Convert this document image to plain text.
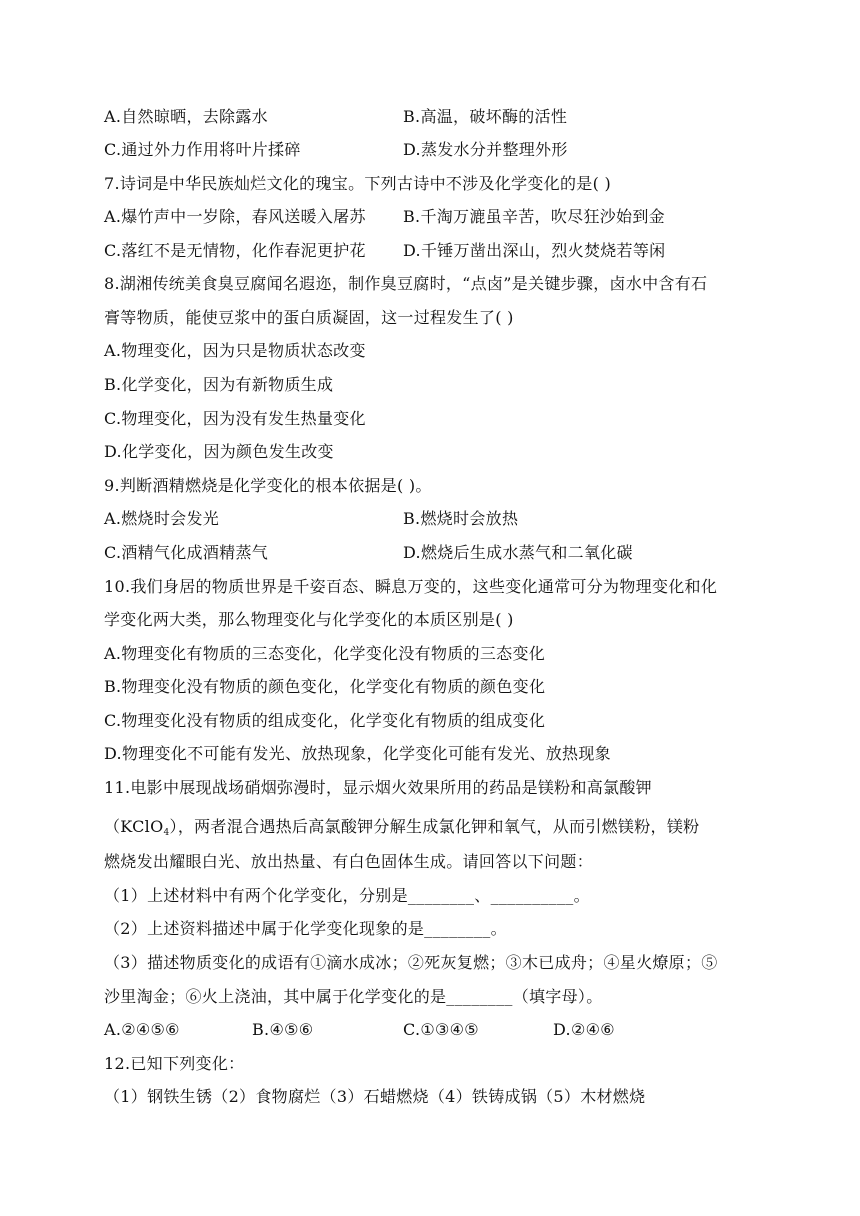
A.自然晾晒，去除露水	B.高温，破坏酶的活性
C.通过外力作用将叶片揉碎	D.蒸发水分并整理外形
7.诗词是中华民族灿烂文化的瑰宝。下列古诗中不涉及化学变化的是( )
A.爆竹声中一岁除，春风送暖入屠苏 B.千淘万漉虽辛苦，吹尽狂沙始到金
C.落红不是无情物，化作春泥更护花 D.千锤万凿出深山，烈火焚烧若等闲
8.湖湘传统美食臭豆腐闻名遐迩，制作臭豆腐时，“点卤”是关键步骤，卤水中含有石
膏等物质，能使豆浆中的蛋白质凝固，这一过程发生了( )
A.物理变化，因为只是物质状态改变
B.化学变化，因为有新物质生成
C.物理变化，因为没有发生热量变化
D.化学变化，因为颜色发生改变
9.判断酒精燃烧是化学变化的根本依据是( )。
A.燃烧时会发光	B.燃烧时会放热
C.酒精气化成酒精蒸气	D.燃烧后生成水蒸气和二氧化碳
10.我们身居的物质世界是千姿百态、瞬息万变的，这些变化通常可分为物理变化和化
学变化两大类，那么物理变化与化学变化的本质区别是( )
A.物理变化有物质的三态变化，化学变化没有物质的三态变化
B.物理变化没有物质的颜色变化，化学变化有物质的颜色变化
C.物理变化没有物质的组成变化，化学变化有物质的组成变化
D.物理变化不可能有发光、放热现象，化学变化可能有发光、放热现象
11.电影中展现战场硝烟弥漫时，显示烟火效果所用的药品是镁粉和高氯酸钾
（KClO$_4$），两者混合遇热后高氯酸钾分解生成氯化钾和氧气，从而引燃镁粉，镁粉
燃烧发出耀眼白光、放出热量、有白色固体生成。请回答以下问题：
（1）上述材料中有两个化学变化，分别是________、__________。
（2）上述资料描述中属于化学变化现象的是________。
（3）描述物质变化的成语有①滴水成冰；②死灰复燃；③木已成舟；④星火燎原；⑤
沙里淘金；⑥火上浇油，其中属于化学变化的是________（填字母）。
A.②④⑤⑥	B.④⑤⑥	C.①③④⑤	D.②④⑥
12.已知下列变化：
（1）钢铁生锈（2）食物腐烂（3）石蜡燃烧（4）铁铸成锅（5）木材燃烧
